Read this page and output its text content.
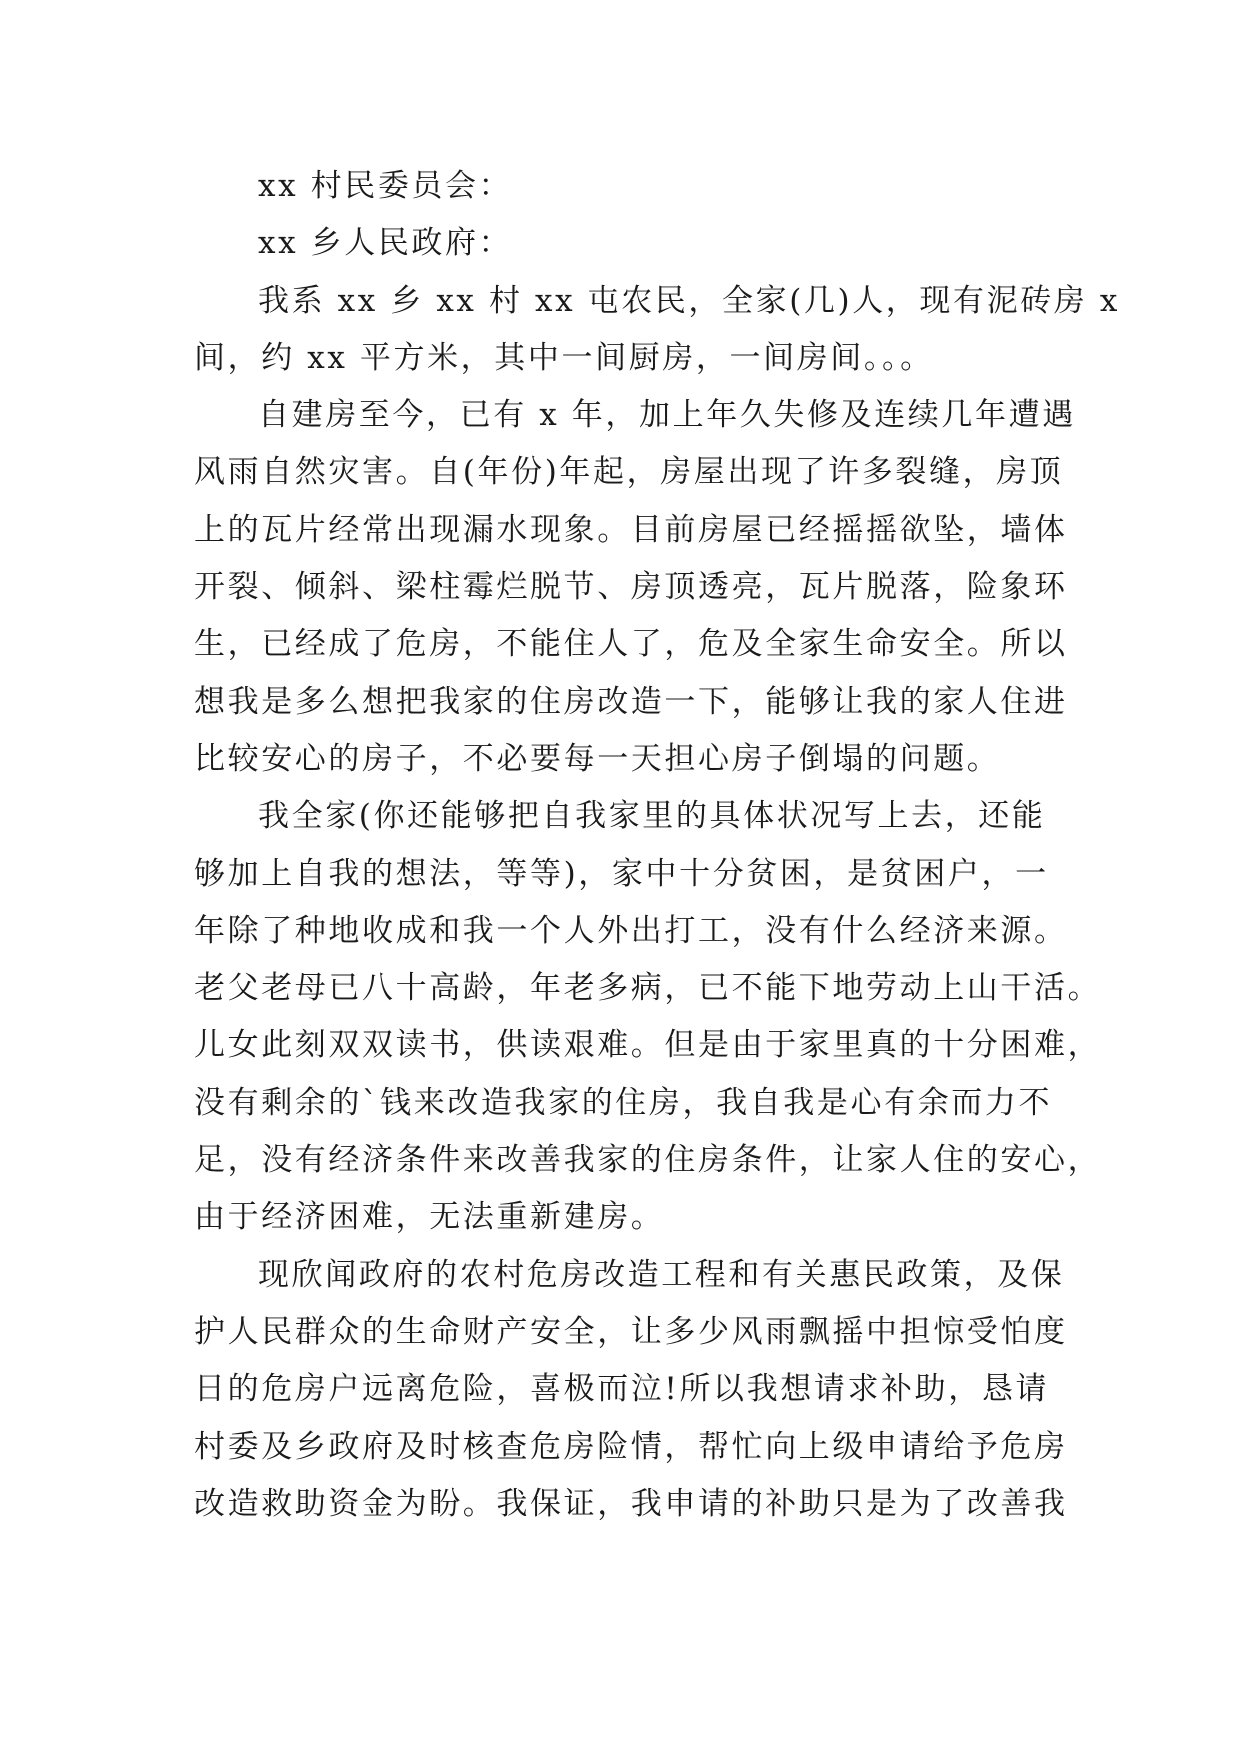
xx 村民委员会：
xx 乡人民政府：
我系 xx 乡 xx 村 xx 屯农民，全家(几)人，现有泥砖房 x
间，约 xx 平方米，其中一间厨房，一间房间。。。
自建房至今，已有 x 年，加上年久失修及连续几年遭遇
风雨自然灾害。自(年份)年起，房屋出现了许多裂缝，房顶
上的瓦片经常出现漏水现象。目前房屋已经摇摇欲坠，墙体
开裂、倾斜、梁柱霉烂脱节、房顶透亮，瓦片脱落，险象环
生，已经成了危房，不能住人了，危及全家生命安全。所以
想我是多么想把我家的住房改造一下，能够让我的家人住进
比较安心的房子，不必要每一天担心房子倒塌的问题。
我全家(你还能够把自我家里的具体状况写上去，还能
够加上自我的想法，等等)，家中十分贫困，是贫困户，一
年除了种地收成和我一个人外出打工，没有什么经济来源。
老父老母已八十高龄，年老多病，已不能下地劳动上山干活。
儿女此刻双双读书，供读艰难。但是由于家里真的十分困难，
没有剩余的`钱来改造我家的住房，我自我是心有余而力不
足，没有经济条件来改善我家的住房条件，让家人住的安心，
由于经济困难，无法重新建房。
现欣闻政府的农村危房改造工程和有关惠民政策，及保
护人民群众的生命财产安全，让多少风雨飘摇中担惊受怕度
日的危房户远离危险，喜极而泣!所以我想请求补助，恳请
村委及乡政府及时核查危房险情，帮忙向上级申请给予危房
改造救助资金为盼。我保证，我申请的补助只是为了改善我
